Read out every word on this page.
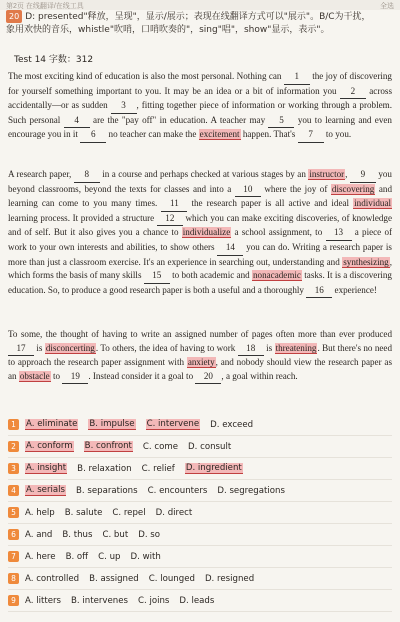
第2页 在线翻译/在线工具	全选
20 D: presented"释放，呈现"，显示/展示；表现在线翻译方式可以"展示"。B/C为干扰，
象用欢快的音乐，whistle"吹哨，口哨吹奏的"，sing"唱"，show"显示，表示"。
Test 14 字数：312
The most exciting kind of education is also the most personal. Nothing can 1 the joy of discovering for yourself something important to you. It may be an idea or a bit of information you 2 across accidentally—or as sudden 3 , fitting together piece of information or working through a problem. Such personal 4 are the "pay off" in education. A teacher may 5 you to learning and even encourage you in it 6 no teacher can make the excitement happen. That's 7 to you.
A research paper, 8 in a course and perhaps checked at various stages by an instructor, 9 you beyond classrooms, beyond the texts for classes and into a 10 where the joy of discovering and learning can come to you many times. 11 the research paper is all active and ideal individual learning process. It provided a structure 12 which you can make exciting discoveries, of knowledge and of self. But it also gives you a chance to individualize a school assignment, to 13 a piece of work to your own interests and abilities, to show others 14 you can do. Writing a research paper is more than just a classroom exercise. It's an experience in searching out, understanding and synthesizing, which forms the basis of many skills 15 to both academic and nonacademic tasks. It is a discovering education. So, to produce a good research paper is both a useful and a thoroughly 16 experience!
To some, the thought of having to write an assigned number of pages often more than ever produced 17 is disconcerting. To others, the idea of having to work 18 is threatening. But there's no need to approach the research paper assignment with anxiety, and nobody should view the research paper as an obstacle to 19 . Instead consider it a goal to 20 , a goal within reach.
1	A. eliminate B. impulse C. intervene D. exceed
2	A. conform B. confront C. come D. consult
3	A. insight B. relaxation C. relief D. ingredient
4	A. serials B. separations C. encounters D. segregations
5	A. help B. salute C. repel D. direct
6	A. and B. thus C. but D. so
7	A. here B. off C. up D. with
8	A. controlled B. assigned C. lounged D. resigned
9	A. litters B. intervenes C. joins D. leads
